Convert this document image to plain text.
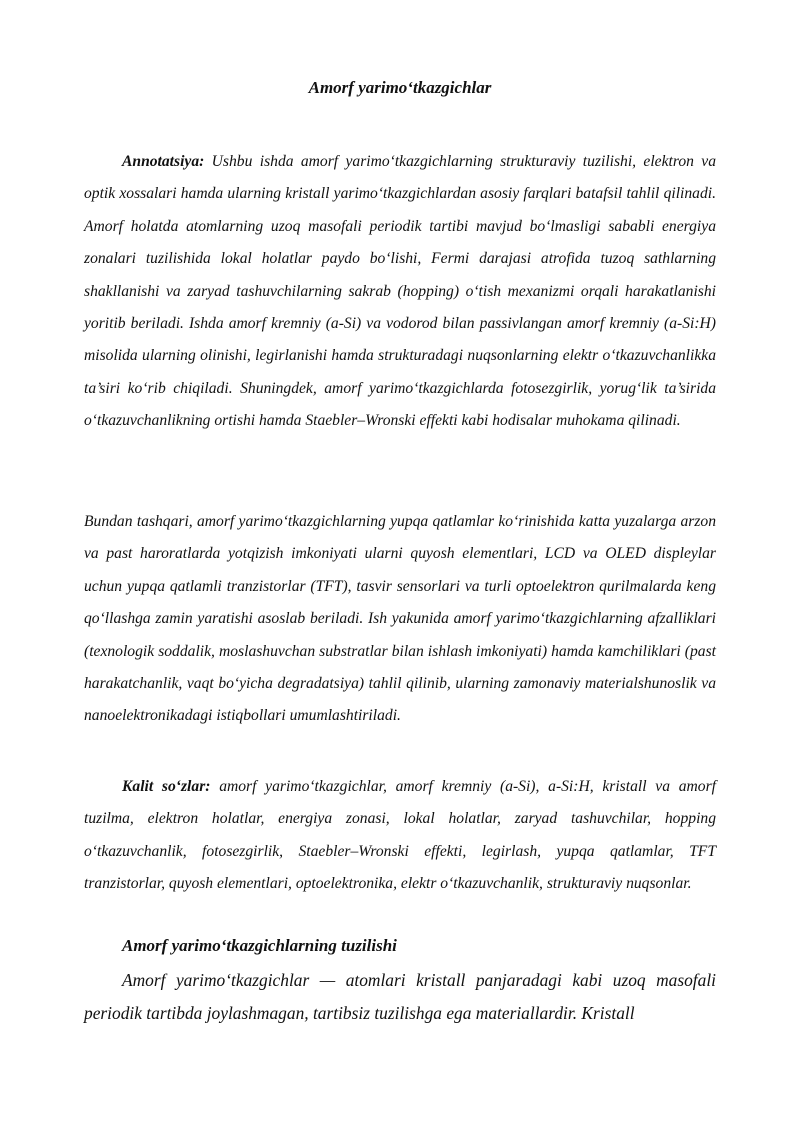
Amorf yarimo‘tkazgichlar

Annotatsiya: Ushbu ishda amorf yarimo‘tkazgichlarning strukturaviy tuzilishi, elektron va optik xossalari hamda ularning kristall yarimo‘tkazgichlardan asosiy farqlari batafsil tahlil qilinadi. Amorf holatda atomlarning uzoq masofali periodik tartibi mavjud bo‘lmasligi sababli energiya zonalari tuzilishida lokal holatlar paydo bo‘lishi, Fermi darajasi atrofida tuzoq sathlarning shakllanishi va zaryad tashuvchilarning sakrab (hopping) o‘tish mexanizmi orqali harakatlanishi yoritib beriladi. Ishda amorf kremniy (a-Si) va vodorod bilan passivlangan amorf kremniy (a-Si:H) misolida ularning olinishi, legirlanishi hamda strukturadagi nuqsonlarning elektr o‘tkazuvchanlikka ta’siri ko‘rib chiqiladi. Shuningdek, amorf yarimo‘tkazgichlarda fotosezgirlik, yorug‘lik ta’sirida o‘tkazuvchanlikning ortishi hamda Staebler–Wronski effekti kabi hodisalar muhokama qilinadi.

Bundan tashqari, amorf yarimo‘tkazgichlarning yupqa qatlamlar ko‘rinishida katta yuzalarga arzon va past haroratlarda yotqizish imkoniyati ularni quyosh elementlari, LCD va OLED displeylar uchun yupqa qatlamli tranzistorlar (TFT), tasvir sensorlari va turli optoelektron qurilmalarda keng qo‘llashga zamin yaratishi asoslab beriladi. Ish yakunida amorf yarimo‘tkazgichlarning afzalliklari (texnologik soddalik, moslashuvchan substratlar bilan ishlash imkoniyati) hamda kamchiliklari (past harakatchanlik, vaqt bo‘yicha degradatsiya) tahlil qilinib, ularning zamonaviy materialshunoslik va nanoelektronikadagi istiqbollari umumlashtiriladi.

Kalit so‘zlar: amorf yarimo‘tkazgichlar, amorf kremniy (a-Si), a-Si:H, kristall va amorf tuzilma, elektron holatlar, energiya zonasi, lokal holatlar, zaryad tashuvchilar, hopping o‘tkazuvchanlik, fotosezgirlik, Staebler–Wronski effekti, legirlash, yupqa qatlamlar, TFT tranzistorlar, quyosh elementlari, optoelektronika, elektr o‘tkazuvchanlik, strukturaviy nuqsonlar.

Amorf yarimo‘tkazgichlarning tuzilishi

Amorf yarimo‘tkazgichlar — atomlari kristall panjaradagi kabi uzoq masofali periodik tartibda joylashmagan, tartibsiz tuzilishga ega materiallardir. Kristall
